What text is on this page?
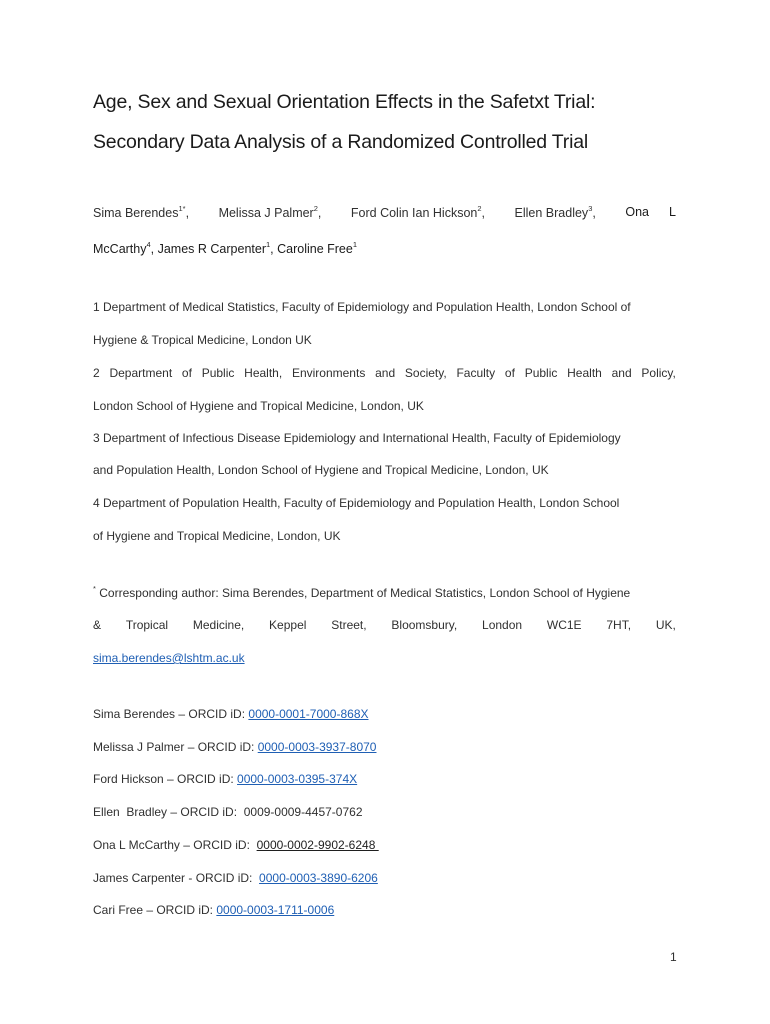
Age, Sex and Sexual Orientation Effects in the Safetxt Trial:
Secondary Data Analysis of a Randomized Controlled Trial
Sima Berendes$^{1*}$, Melissa J Palmer$^2$, Ford Colin Ian Hickson$^2$, Ellen Bradley$^3$, Ona L
McCarthy$^4$, James R Carpenter$^1$, Caroline Free$^1$
1 Department of Medical Statistics, Faculty of Epidemiology and Population Health, London School of
Hygiene & Tropical Medicine, London UK
2 Department of Public Health, Environments and Society, Faculty of Public Health and Policy,
London School of Hygiene and Tropical Medicine, London, UK
3 Department of Infectious Disease Epidemiology and International Health, Faculty of Epidemiology
and Population Health, London School of Hygiene and Tropical Medicine, London, UK
4 Department of Population Health, Faculty of Epidemiology and Population Health, London School
of Hygiene and Tropical Medicine, London, UK
* Corresponding author: Sima Berendes, Department of Medical Statistics, London School of Hygiene
& Tropical Medicine, Keppel Street, Bloomsbury, London WC1E 7HT, UK,
sima.berendes@lshtm.ac.uk
Sima Berendes – ORCID iD: 0000-0001-7000-868X
Melissa J Palmer – ORCID iD: 0000-0003-3937-8070
Ford Hickson – ORCID iD: 0000-0003-0395-374X
Ellen  Bradley – ORCID iD:  0009-0009-4457-0762
Ona L McCarthy – ORCID iD:  0000-0002-9902-6248
James Carpenter - ORCID iD:  0000-0003-3890-6206
Cari Free – ORCID iD: 0000-0003-1711-0006
1
